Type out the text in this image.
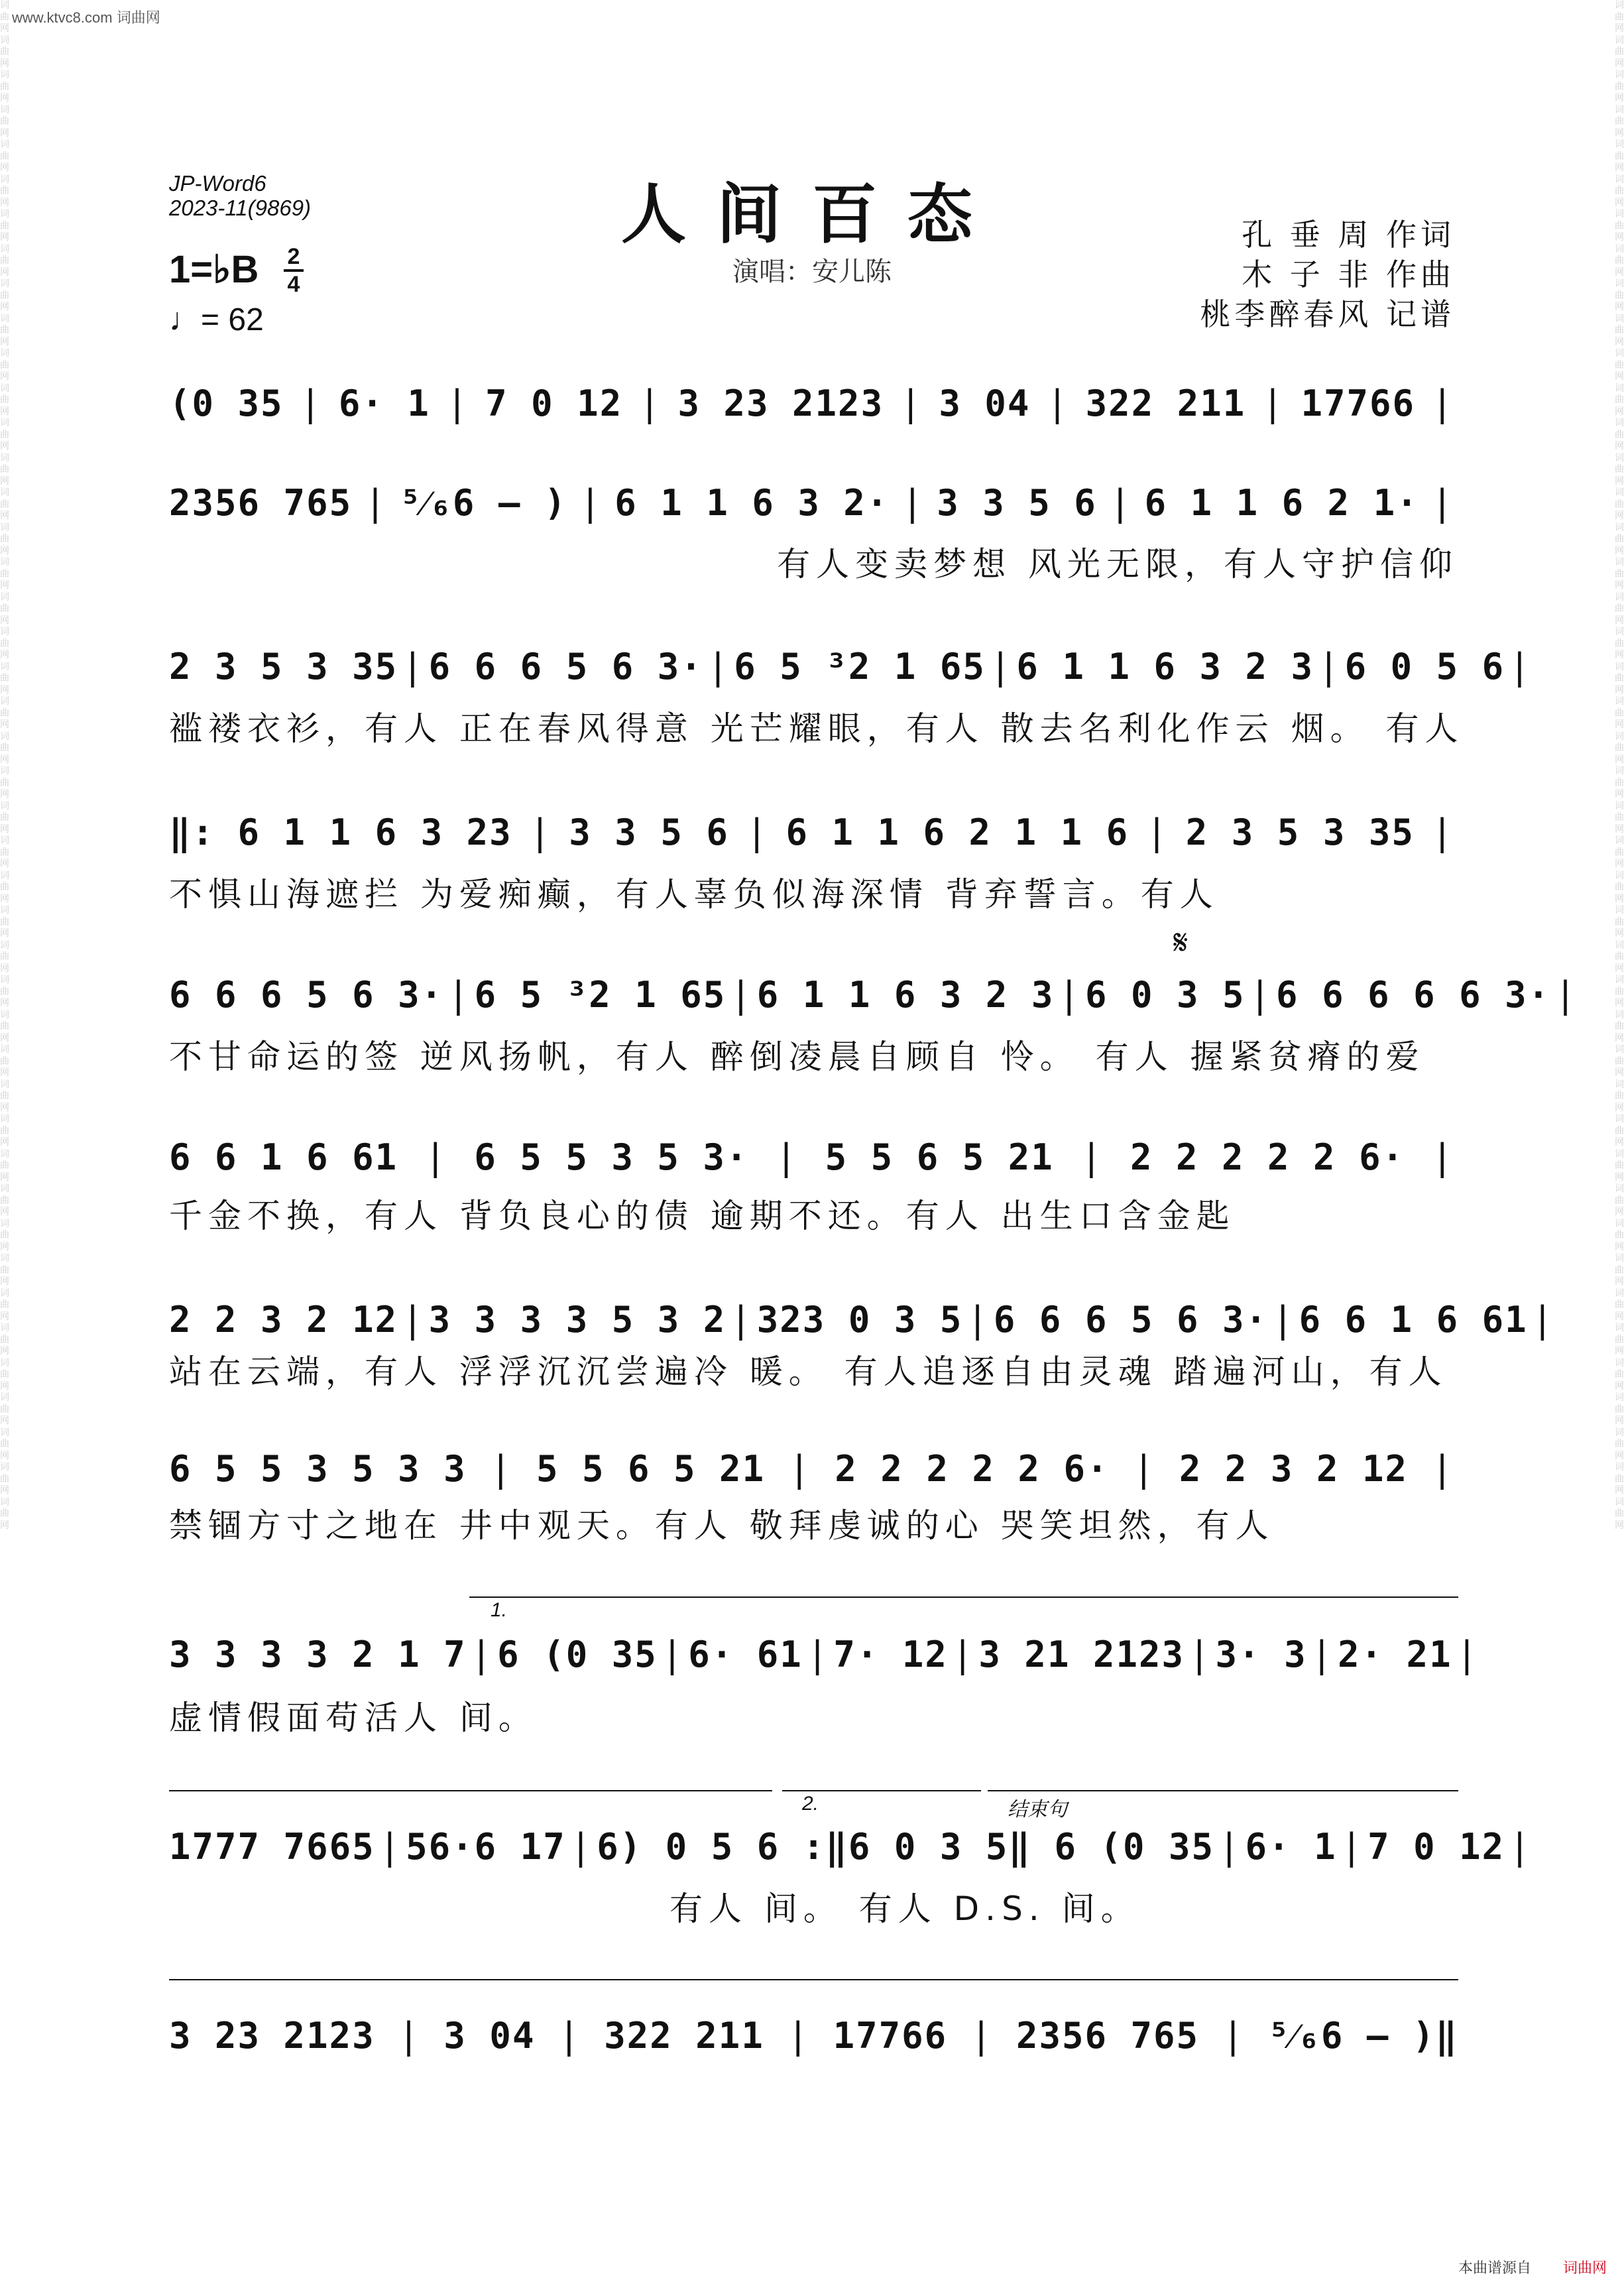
www.ktvc8.com 词曲网
词 曲 网 词 曲 网 词 曲 网 词 曲 网 词 曲 网 词 曲 网 词 曲 网 词 曲 网 词 曲 网 词 曲 网 词 曲 网 词 曲 网 词 曲 网 词 曲 网 词 曲 网 词 曲 网 词 曲 网 词 曲 网 词 曲 网 词 曲 网 词 曲 网 词 曲 网 词 曲 网 词 曲 网 词 曲 网 词 曲 网 词 曲 网 词 曲 网 词 曲 网 词 曲 网 词 曲 网 词 曲 网 词 曲 网 词 曲 网 词 曲 网 词 曲 网 词 曲 网 词 曲 网 词 曲 网 词 曲 网 词 曲 网 词 曲 网 词 曲 网 词 曲 网
词 曲 网 词 曲 网 词 曲 网 词 曲 网 词 曲 网 词 曲 网 词 曲 网 词 曲 网 词 曲 网 词 曲 网 词 曲 网 词 曲 网 词 曲 网 词 曲 网 词 曲 网 词 曲 网 词 曲 网 词 曲 网 词 曲 网 词 曲 网 词 曲 网 词 曲 网 词 曲 网 词 曲 网 词 曲 网 词 曲 网 词 曲 网 词 曲 网 词 曲 网 词 曲 网 词 曲 网 词 曲 网 词 曲 网 词 曲 网 词 曲 网 词 曲 网 词 曲 网 词 曲 网 词 曲 网 词 曲 网 词 曲 网 词 曲 网 词 曲 网 词 曲 网
JP-Word6
2023-11(9869)	人间百态
演唱：安儿陈
孔 垂 周 作词
木 子 非 作曲
桃李醉春风 记谱
1=♭B 2
4
♩= 62
(0 35 | 6· 1 | 7 0 12 | 3 23 2123 | 3 04 | 322 211 | 17766 |
2356 765 | ⁵⁄₆6 – ) | 6 1 1 6 3 2· | 3 3 5 6 | 6 1 1 6 2 1· |
有人变卖梦想 风光无限，有人守护信仰
2 3 5 3 35 | 6 6 6 5 6 3· | 6 5 ³2 1 65 | 6 1 1 6 3 2 3 | 6 0 5 6 |
褴褛衣衫，有人 正在春风得意 光芒耀眼，有人 散去名利化作云 烟。 有人
‖: 6 1 1 6 3 23 | 3 3 5 6 | 6 1 1 6 2 1 1 6 | 2 3 5 3 35 |
不惧山海遮拦 为爱痴癫，有人辜负似海深情 背弃誓言。有人
𝄋
6 6 6 5 6 3· | 6 5 ³2 1 65 | 6 1 1 6 3 2 3 | 6 0 3 5 | 6 6 6 6 6 3· |
不甘命运的签 逆风扬帆，有人 醉倒凌晨自顾自 怜。 有人 握紧贫瘠的爱
6 6 1 6 61 | 6 5 5 3 5 3· | 5 5 6 5 21 | 2 2 2 2 2 6· |
千金不换，有人 背负良心的债 逾期不还。有人 出生口含金匙
2 2 3 2 12 | 3 3 3 3 5 3 2 | 323 0 3 5 | 6 6 6 5 6 3· | 6 6 1 6 61 |
站在云端，有人 浮浮沉沉尝遍冷 暖。 有人追逐自由灵魂 踏遍河山，有人
6 5 5 3 5 3 3 | 5 5 6 5 21 | 2 2 2 2 2 6· | 2 2 3 2 12 |
禁锢方寸之地在 井中观天。有人 敬拜虔诚的心 哭笑坦然，有人
1.
3 3 3 3 2 1 7 | 6 (0 35 | 6· 61 | 7· 12 | 3 21 2123 | 3· 3 | 2· 21 |
虚情假面苟活人 间。
2.	结束句
1777 7665 | 56·6 17 | 6) 0 5 6 :‖ 6 0 3 5 ‖ 6 (0 35 | 6· 1 | 7 0 12 |
有人 间。 有人 D.S. 间。
3 23 2123 | 3 04 | 322 211 | 17766 | 2356 765 | ⁵⁄₆6 – )‖
本曲谱源自 词曲网
